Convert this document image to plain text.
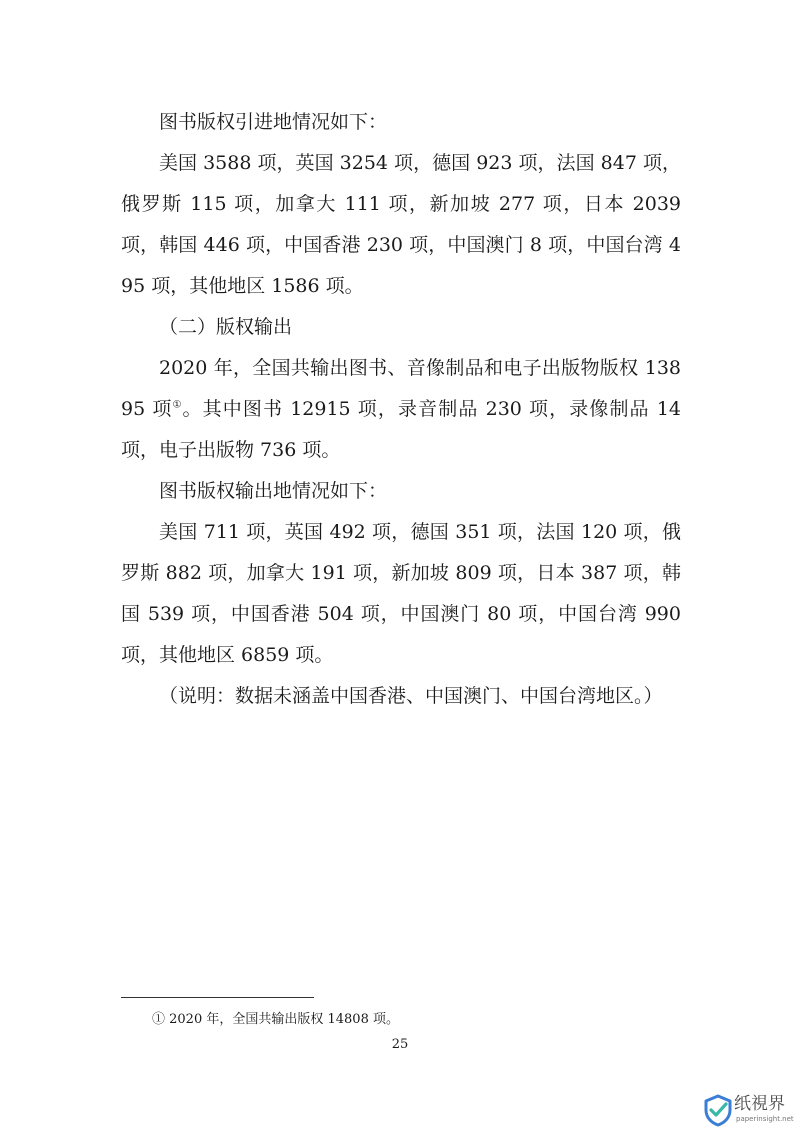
图书版权引进地情况如下：

美国 3588 项，英国 3254 项，德国 923 项，法国 847 项，俄罗斯 115 项，加拿大 111 项，新加坡 277 项，日本 2039 项，韩国 446 项，中国香港 230 项，中国澳门 8 项，中国台湾 495 项，其他地区 1586 项。

（二）版权输出

2020 年，全国共输出图书、音像制品和电子出版物版权 13895 项①。其中图书 12915 项，录音制品 230 项，录像制品 14 项，电子出版物 736 项。

图书版权输出地情况如下：

美国 711 项，英国 492 项，德国 351 项，法国 120 项，俄罗斯 882 项，加拿大 191 项，新加坡 809 项，日本 387 项，韩国 539 项，中国香港 504 项，中国澳门 80 项，中国台湾 990 项，其他地区 6859 项。

（说明：数据未涵盖中国香港、中国澳门、中国台湾地区。）

① 2020 年，全国共输出版权 14808 项。
25
纸視界
paperinsight.net
